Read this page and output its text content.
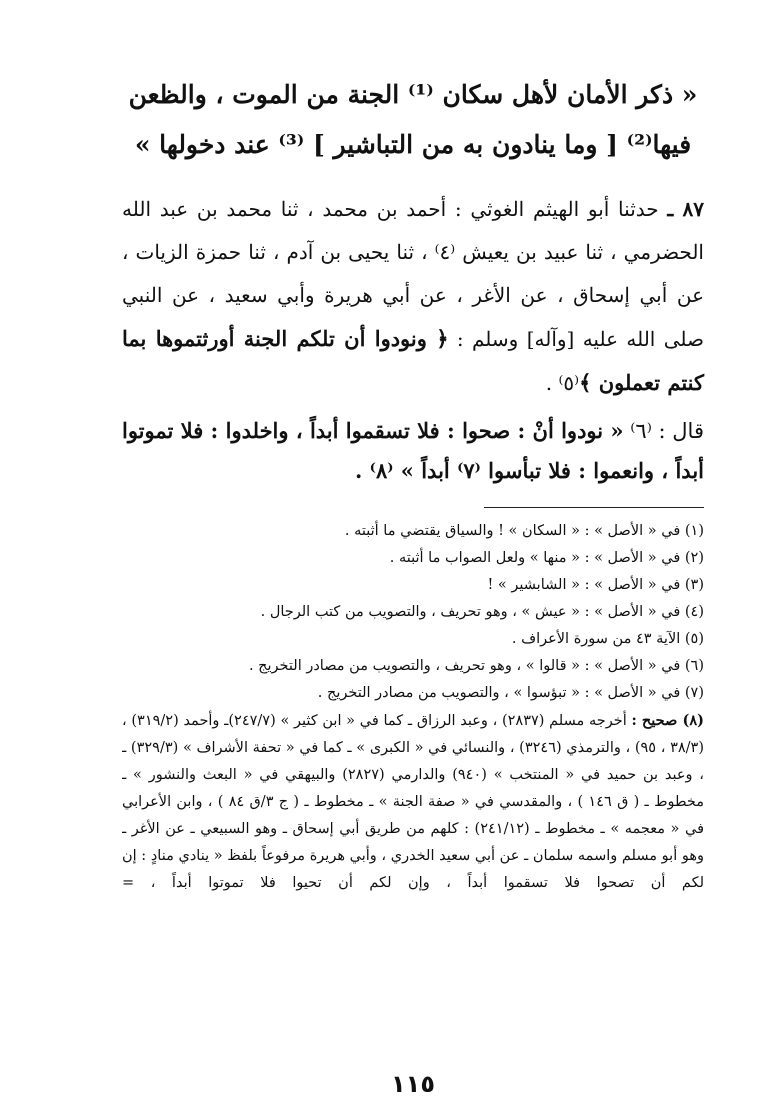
« ذكر الأمان لأهل سكان ⁽¹⁾ الجنة من الموت ، والظعن
فيها⁽²⁾ [ وما ينادون به من التباشير ] ⁽³⁾ عند دخولها »

٨٧ ـ حدثنا أبو الهيثم الغوثي : أحمد بن محمد ، ثنا محمد بن عبد الله الحضرمي ، ثنا عبيد بن يعيش ⁽٤⁾ ، ثنا يحيى بن آدم ، ثنا حمزة الزيات ، عن أبي إسحاق ، عن الأغر ، عن أبي هريرة وأبي سعيد ، عن النبي صلى الله عليه [وآله] وسلم : ﴿ ونودوا أن تلكم الجنة أورثتموها بما كنتم تعملون ﴾⁽٥⁾ .

قال : ⁽٦⁾ « نودوا أنْ : صحوا : فلا تسقموا أبداً ، واخلدوا : فلا تموتوا أبداً ، وانعموا : فلا تبأسوا ⁽٧⁾ أبداً » ⁽٨⁾ .

(١) في « الأصل » : « السكان » ! والسياق يقتضي ما أثبته .

(٢) في « الأصل » : « منها » ولعل الصواب ما أثبته .

(٣) في « الأصل » : « الشابشير » !

(٤) في « الأصل » : « عيش » ، وهو تحريف ، والتصويب من كتب الرجال .

(٥) الآية ٤٣ من سورة الأعراف .

(٦) في « الأصل » : « قالوا » ، وهو تحريف ، والتصويب من مصادر التخريج .

(٧) في « الأصل » : « تبؤسوا » ، والتصويب من مصادر التخريج .

(٨) صحيح : أخرجه مسلم (٢٨٣٧) ، وعبد الرزاق ـ كما في « ابن كثير » (٢٤٧/٧)ـ وأحمد (٣١٩/٢) ، (٣٨/٣ ، ٩٥) ، والترمذي (٣٢٤٦) ، والنسائي في « الكبرى » ـ كما في « تحفة الأشراف » (٣٢٩/٣) ـ ، وعبد بن حميد في « المنتخب » (٩٤٠) والدارمي (٢٨٢٧) والبيهقي في « البعث والنشور » ـ مخطوط ـ ( ق ١٤٦ ) ، والمقدسي في « صفة الجنة » ـ مخطوط ـ ( ج ٣/ق ٨٤ ) ، وابن الأعرابي في « معجمه » ـ مخطوط ـ (٢٤١/١٢) : كلهم من طريق أبي إسحاق ـ وهو السبيعي ـ عن الأغر ـ وهو أبو مسلم واسمه سلمان ـ عن أبي سعيد الخدري ، وأبي هريرة مرفوعاً بلفظ « ينادي منادٍ : إن لكم أن تصحوا فلا تسقموا أبداً ، وإن لكم أن تحيوا فلا تموتوا أبداً ، =

١١٥
